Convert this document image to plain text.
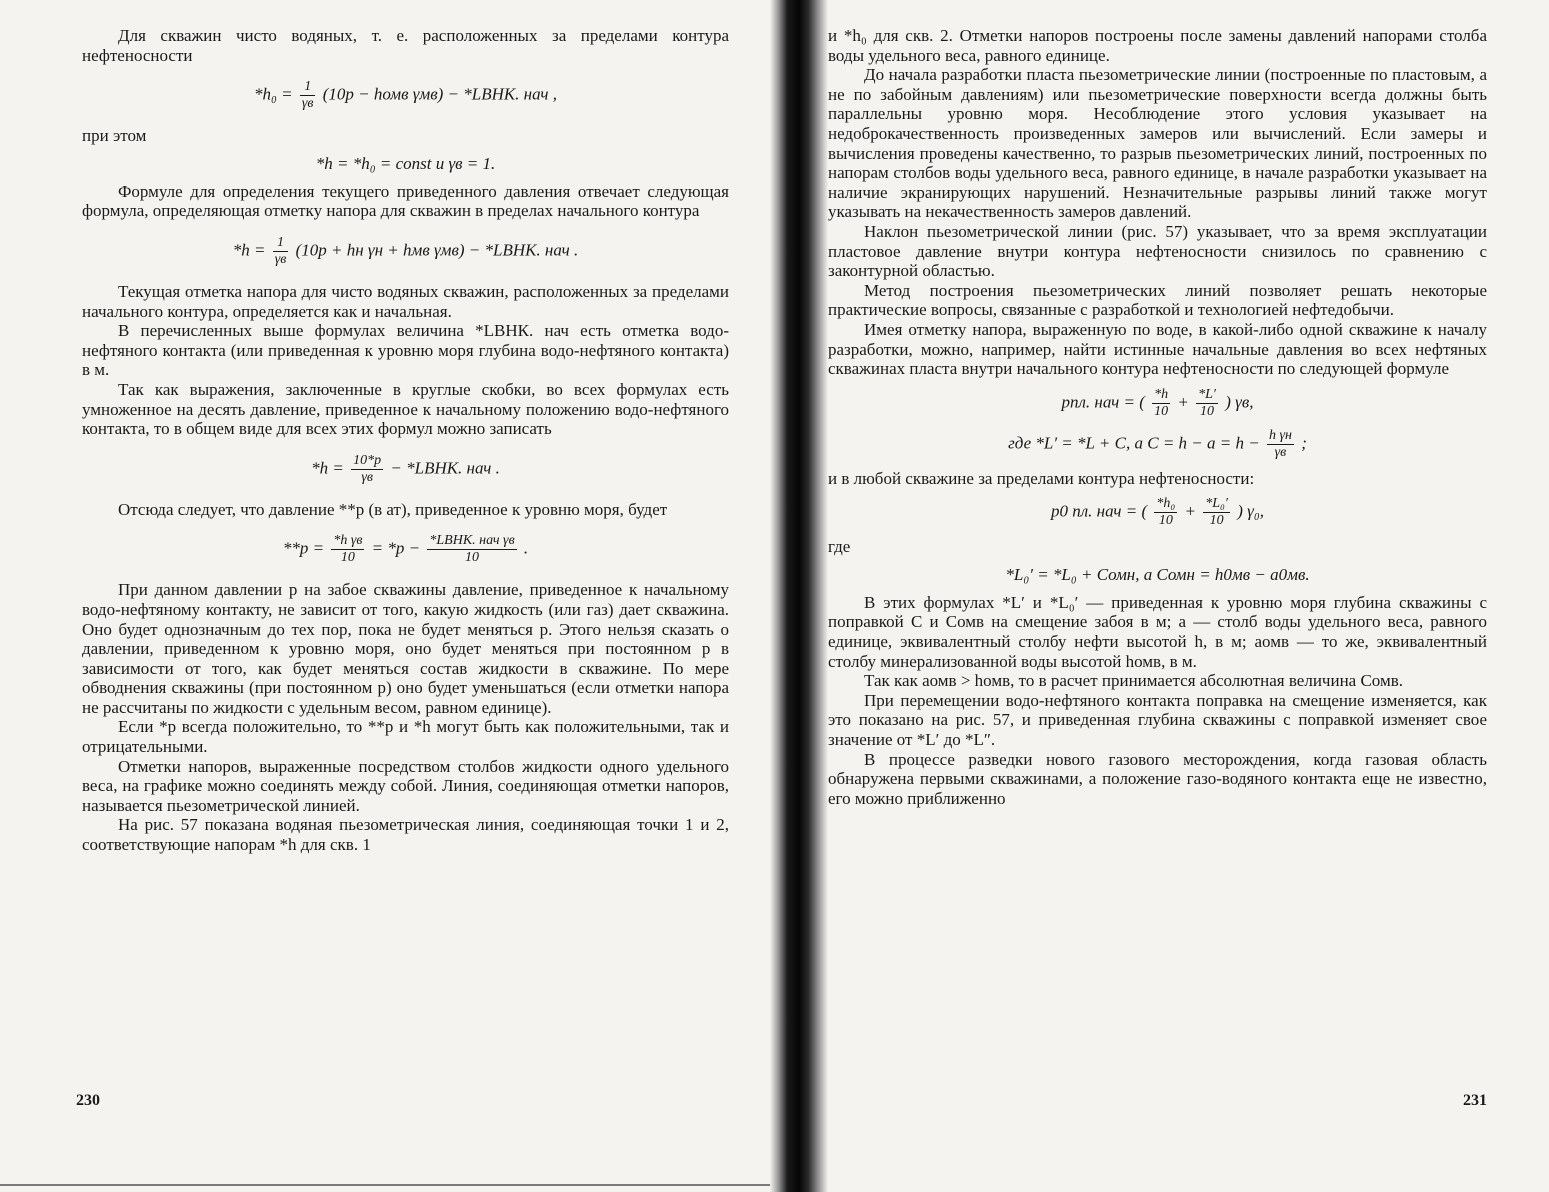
Для скважин чисто водяных, т. е. расположенных за пределами контура нефтеносности

$*h_0 = \frac{1}{\gamma в} (10p$ − hомв γмв) − *LВНК. нач ,

при этом

*h = *h₀ = const и γв = 1.

Формуле для определения текущего приведенного давления отвечает следующая формула, определяющая отметку напора для скважин в пределах начального контура

$*h = \frac{1}{\gamma в} (10p$ + hн γн + hмв γмв) − *LВНК. нач .

Текущая отметка напора для чисто водяных скважин, расположенных за пределами начального контура, определяется как и начальная.

В перечисленных выше формулах величина *LВНК. нач есть отметка водо-нефтяного контакта (или приведенная к уровню моря глубина водо-нефтяного контакта) в м.

Так как выражения, заключенные в круглые скобки, во всех формулах есть умноженное на десять давление, приведенное к начальному положению водо-нефтяного контакта, то в общем виде для всех этих формул можно записать

$*h = \frac{10*p}{\gamma в}$ − *LВНК. нач .

Отсюда следует, что давление **p (в ат), приведенное к уровню моря, будет

$**p = \frac{\text{*h γв}}{10} = *p - \frac{\text{*LВНК. нач γв}}{10}$ .

При данном давлении p на забое скважины давление, приведенное к начальному водо-нефтяному контакту, не зависит от того, какую жидкость (или газ) дает скважина. Оно будет однозначным до тех пор, пока не будет меняться p. Этого нельзя сказать о давлении, приведенном к уровню моря, оно будет меняться при постоянном p в зависимости от того, как будет меняться состав жидкости в скважине. По мере обводнения скважины (при постоянном p) оно будет уменьшаться (если отметки напора не рассчитаны по жидкости с удельным весом, равном единице).

Если *p всегда положительно, то **p и *h могут быть как положительными, так и отрицательными.

Отметки напоров, выраженные посредством столбов жидкости одного удельного веса, на графике можно соединять между собой. Линия, соединяющая отметки напоров, называется пьезометрической линией.

На рис. 57 показана водяная пьезометрическая линия, соединяющая точки 1 и 2, соответствующие напорам *h для скв. 1

230

и *h₀ для скв. 2. Отметки напоров построены после замены давлений напорами столба воды удельного веса, равного единице.

До начала разработки пласта пьезометрические линии (построенные по пластовым, а не по забойным давлениям) или пьезометрические поверхности всегда должны быть параллельны уровню моря. Несоблюдение этого условия указывает на недоброкачественность произведенных замеров или вычислений. Если замеры и вычисления проведены качественно, то разрыв пьезометрических линий, построенных по напорам столбов воды удельного веса, равного единице, в начале разработки указывает на наличие экранирующих нарушений. Незначительные разрывы линий также могут указывать на некачественность замеров давлений.

Наклон пьезометрической линии (рис. 57) указывает, что за время эксплуатации пластовое давление внутри контура нефтеносности снизилось по сравнению с законтурной областью.

Метод построения пьезометрических линий позволяет решать некоторые практические вопросы, связанные с разработкой и технологией нефтедобычи.

Имея отметку напора, выраженную по воде, в какой-либо одной скважине к началу разработки, можно, например, найти истинные начальные давления во всех нефтяных скважинах пласта внутри начального контура нефтеносности по следующей формуле

pпл. нач = ( $\frac{*h}{10} + \frac{*L'}{10}$ ) γв,
где *L′ = *L + C, а $C = h - a = h - \frac{\text{h γн}}{\gamma в}$ ;

и в любой скважине за пределами контура нефтеносности:

p0 пл. нач = ( $\frac{\text{*h₀}}{10} + \frac{\text{*L₀′}}{10}$ ) γ₀,

где

*L₀′ = *L₀ + Cомн, а Cомн = h0мв − a0мв.

В этих формулах *L′ и *L₀′ — приведенная к уровню моря глубина скважины с поправкой C и Cомв на смещение забоя в м; a — столб воды удельного веса, равного единице, эквивалентный столбу нефти высотой h, в м; aомв — то же, эквивалентный столбу минерализованной воды высотой hомв, в м.

Так как aомв > hомв, то в расчет принимается абсолютная величина Cомв.

При перемещении водо-нефтяного контакта поправка на смещение изменяется, как это показано на рис. 57, и приведенная глубина скважины с поправкой изменяет свое значение от *L′ до *L″.

В процессе разведки нового газового месторождения, когда газовая область обнаружена первыми скважинами, а положение газо-водяного контакта еще не известно, его можно приближенно

231
